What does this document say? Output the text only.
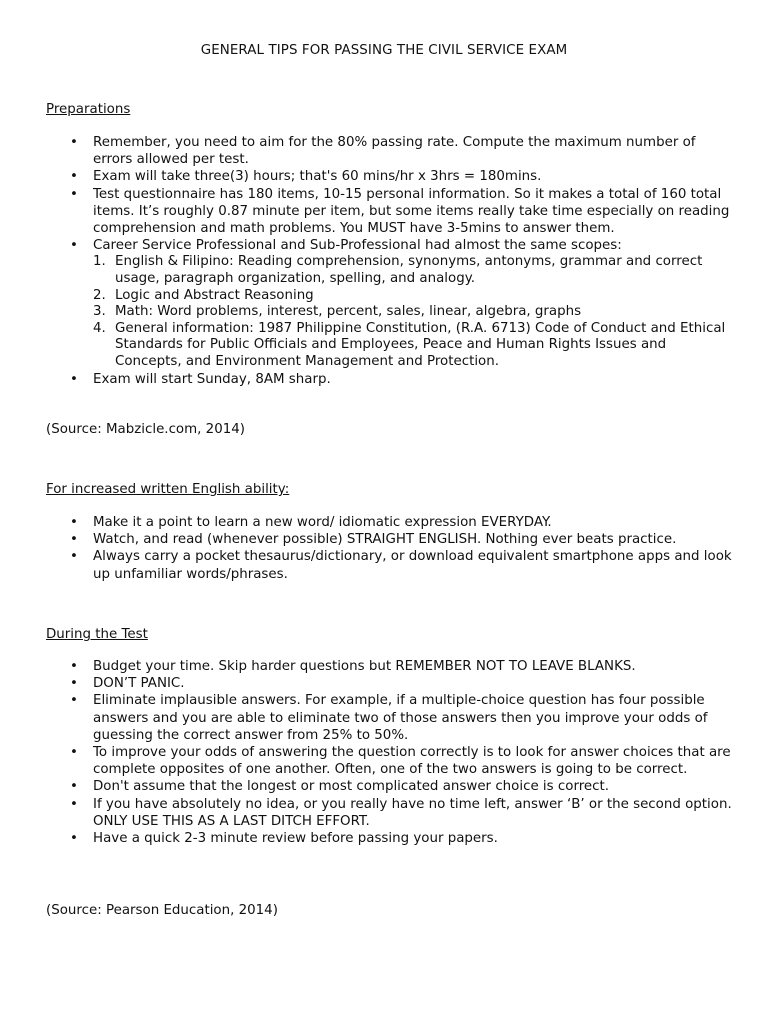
GENERAL TIPS FOR PASSING THE CIVIL SERVICE EXAM
Preparations
• Remember, you need to aim for the 80% passing rate. Compute the maximum number of errors allowed per test.
• Exam will take three(3) hours; that's 60 mins/hr x 3hrs = 180mins.
• Test questionnaire has 180 items, 10-15 personal information. So it makes a total of 160 total items. It’s roughly 0.87 minute per item, but some items really take time especially on reading comprehension and math problems. You MUST have 3-5mins to answer them.
• Career Service Professional and Sub-Professional had almost the same scopes:
1. English & Filipino: Reading comprehension, synonyms, antonyms, grammar and correct usage, paragraph organization, spelling, and analogy.
2. Logic and Abstract Reasoning
3. Math: Word problems, interest, percent, sales, linear, algebra, graphs
4. General information: 1987 Philippine Constitution, (R.A. 6713) Code of Conduct and Ethical Standards for Public Officials and Employees, Peace and Human Rights Issues and Concepts, and Environment Management and Protection.
• Exam will start Sunday, 8AM sharp.

(Source: Mabzicle.com, 2014)

For increased written English ability:
• Make it a point to learn a new word/ idiomatic expression EVERYDAY.
• Watch, and read (whenever possible) STRAIGHT ENGLISH. Nothing ever beats practice.
• Always carry a pocket thesaurus/dictionary, or download equivalent smartphone apps and look up unfamiliar words/phrases.
During the Test
• Budget your time. Skip harder questions but REMEMBER NOT TO LEAVE BLANKS.
• DON’T PANIC.
• Eliminate implausible answers. For example, if a multiple-choice question has four possible answers and you are able to eliminate two of those answers then you improve your odds of guessing the correct answer from 25% to 50%.
• To improve your odds of answering the question correctly is to look for answer choices that are complete opposites of one another. Often, one of the two answers is going to be correct.
• Don't assume that the longest or most complicated answer choice is correct.
• If you have absolutely no idea, or you really have no time left, answer ‘B’ or the second option.
ONLY USE THIS AS A LAST DITCH EFFORT.
• Have a quick 2-3 minute review before passing your papers.

(Source: Pearson Education, 2014)
